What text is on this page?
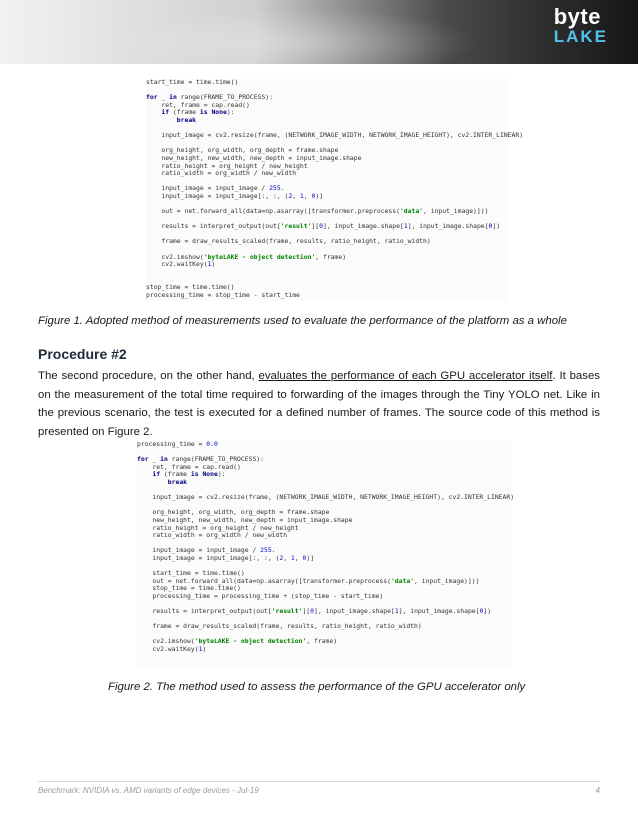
byte
LAKE
start_time = time.time()

for _ in range(FRAME_TO_PROCESS):
ret, frame = cap.read()
if (frame is None):
break

input_image = cv2.resize(frame, (NETWORK_IMAGE_WIDTH, NETWORK_IMAGE_HEIGHT), cv2.INTER_LINEAR)

org_height, org_width, org_depth = frame.shape
new_height, new_width, new_depth = input_image.shape
ratio_height = org_height / new_height
ratio_width = org_width / new_width

input_image = input_image / 255.
input_image = input_image[:, :, (2, 1, 0)]

out = net.forward_all(data=np.asarray([transformer.preprocess('data', input_image)]))

results = interpret_output(out['result'][0], input_image.shape[1], input_image.shape[0])

frame = draw_results_scaled(frame, results, ratio_height, ratio_width)

cv2.imshow('byteLAKE - object detection', frame)
cv2.waitKey(1)

stop_time = time.time()
processing_time = stop_time - start_time
Figure 1. Adopted method of measurements used to evaluate the performance of the platform as a whole
Procedure #2
The second procedure, on the other hand, evaluates the performance of each GPU accelerator itself. It bases on the measurement of the total time required to forwarding of the images through the Tiny YOLO net. Like in the previous scenario, the test is executed for a defined number of frames. The source code of this method is presented on Figure 2.
processing_time = 0.0

for _ in range(FRAME_TO_PROCESS):
ret, frame = cap.read()
if (frame is None):
break

input_image = cv2.resize(frame, (NETWORK_IMAGE_WIDTH, NETWORK_IMAGE_HEIGHT), cv2.INTER_LINEAR)

org_height, org_width, org_depth = frame.shape
new_height, new_width, new_depth = input_image.shape
ratio_height = org_height / new_height
ratio_width = org_width / new_width

input_image = input_image / 255.
input_image = input_image[:, :, (2, 1, 0)]

start_time = time.time()
out = net.forward_all(data=np.asarray([transformer.preprocess('data', input_image)]))
stop_time = time.time()
processing_time = processing_time + (stop_time - start_time)

results = interpret_output(out['result'][0], input_image.shape[1], input_image.shape[0])

frame = draw_results_scaled(frame, results, ratio_height, ratio_width)

cv2.imshow('byteLAKE - object detection', frame)
cv2.waitKey(1)
Figure 2. The method used to assess the performance of the GPU accelerator only
Benchmark: NVIDIA vs. AMD variants of edge devices - Jul-19	4
